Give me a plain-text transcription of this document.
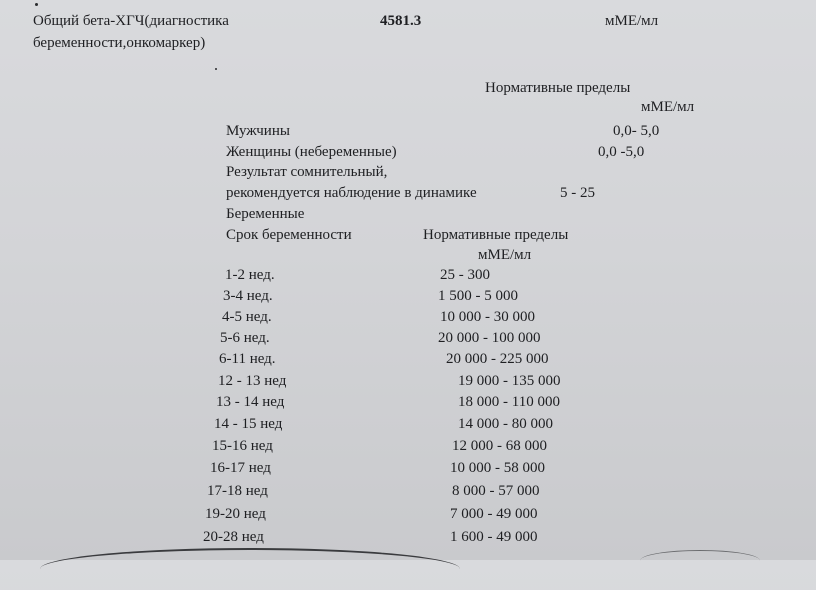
Общий бета-ХГЧ(диагностика
беременности,онкомаркер)
4581.3	мМЕ/мл
Нормативные пределы
мМЕ/мл
Мужчины	0,0- 5,0
Женщины (небеременные)	0,0 -5,0
Результат сомнительный,
рекомендуется наблюдение в динамике	5 - 25
Беременные
Срок беременности	Нормативные пределы
мМЕ/мл
1-2 нед.	25 - 300
3-4 нед.	1 500 - 5 000
4-5 нед.	10 000 - 30 000
5-6 нед.	20 000 - 100 000
6-11 нед.	20 000 - 225 000
12 - 13 нед	19 000 - 135 000
13 - 14 нед	18 000 - 110 000
14 - 15 нед	14 000 - 80 000
15-16 нед	12 000 - 68 000
16-17 нед	10 000 - 58 000
17-18 нед	8 000 - 57 000
19-20 нед	7 000 - 49 000
20-28 нед	1 600 - 49 000
